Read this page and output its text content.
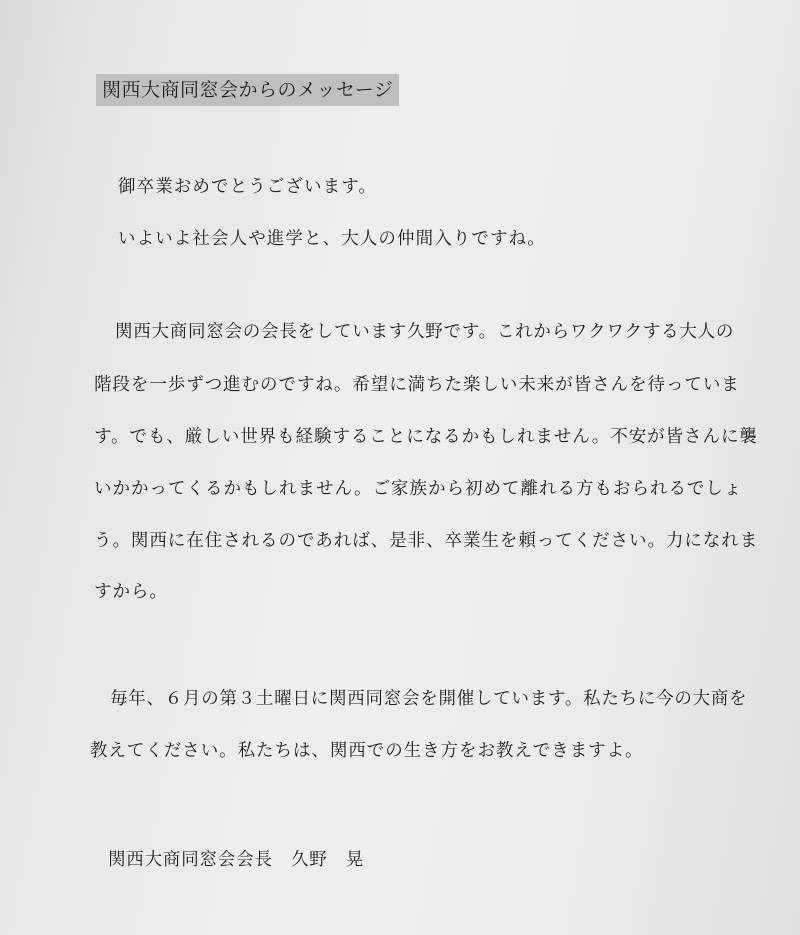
関西大商同窓会からのメッセージ
御卒業おめでとうございます。
いよいよ社会人や進学と、大人の仲間入りですね。
関西大商同窓会の会長をしています久野です。これからワクワクする大人の
階段を一歩ずつ進むのですね。希望に満ちた楽しい未来が皆さんを待っていま
す。でも、厳しい世界も経験することになるかもしれません。不安が皆さんに襲
いかかってくるかもしれません。ご家族から初めて離れる方もおられるでしょ
う。関西に在住されるのであれば、是非、卒業生を頼ってください。力になれま
すから。
毎年、６月の第３土曜日に関西同窓会を開催しています。私たちに今の大商を
教えてください。私たちは、関西での生き方をお教えできますよ。
関西大商同窓会会長　久野　晃
